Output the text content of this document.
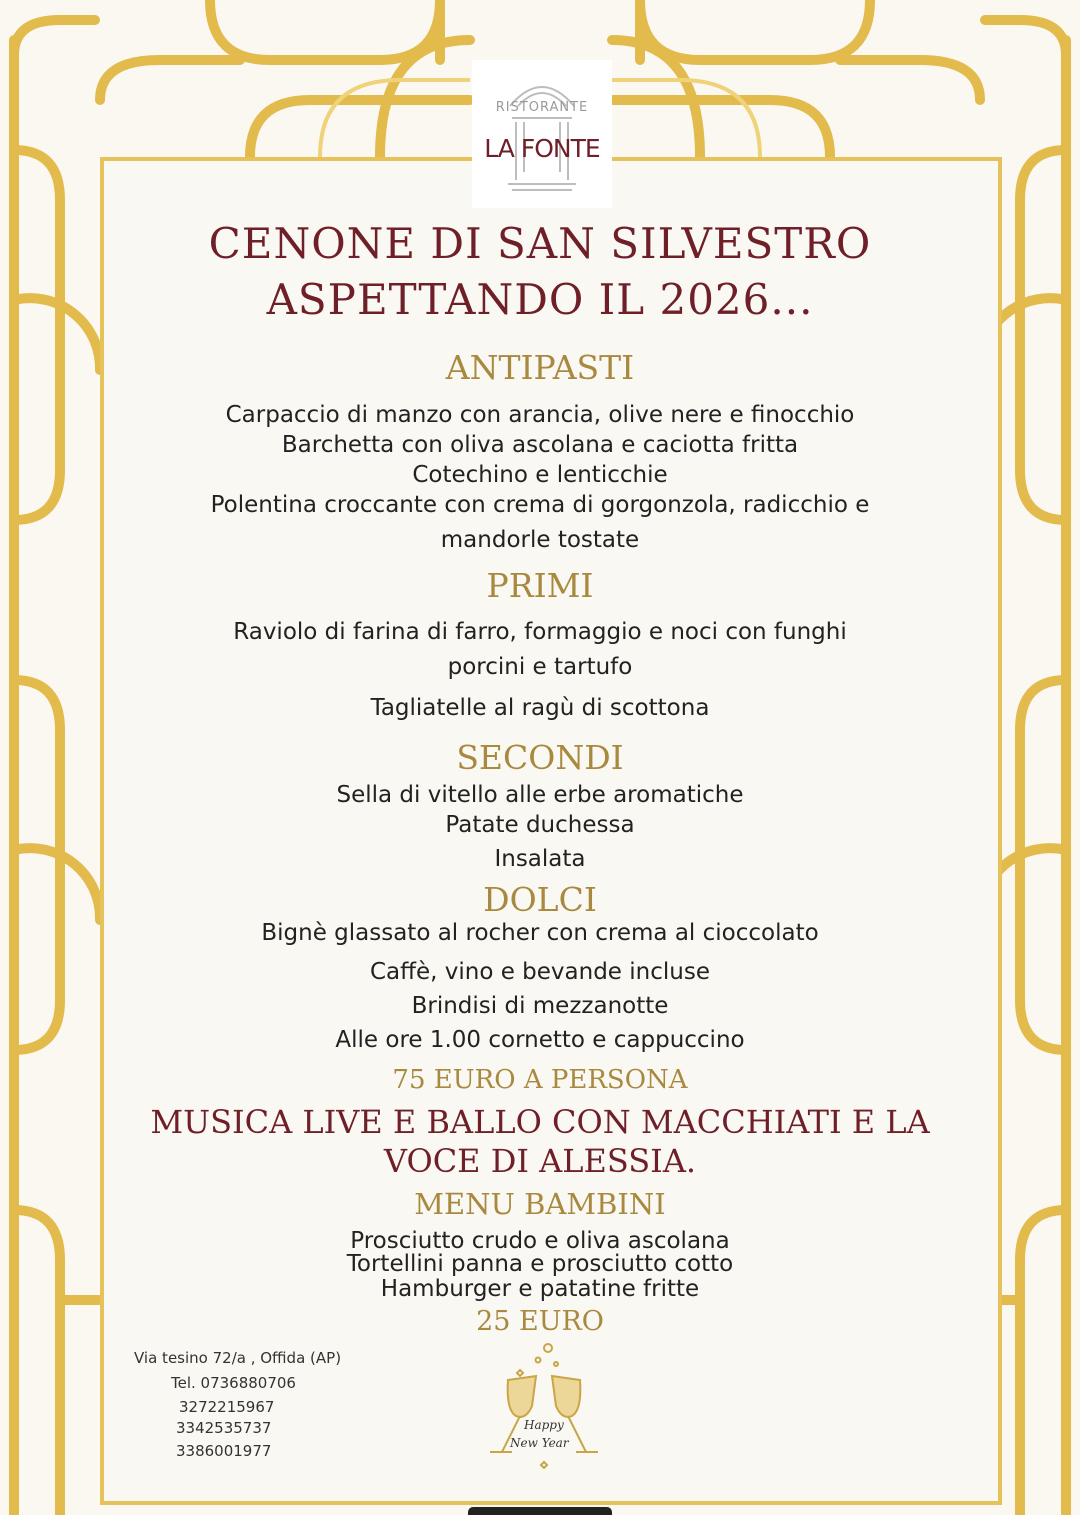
RISTORANTE
LA FONTE

CENONE DI SAN SILVESTRO

ASPETTANDO IL 2026...

ANTIPASTI

Carpaccio di manzo con arancia, olive nere e finocchio

Barchetta con oliva ascolana e caciotta fritta

Cotechino e lenticchie

Polentina croccante con crema di gorgonzola, radicchio e

mandorle tostate

PRIMI

Raviolo di farina di farro, formaggio e noci con funghi

porcini e tartufo

Tagliatelle al ragù di scottona

SECONDI

Sella di vitello alle erbe aromatiche

Patate duchessa

Insalata

DOLCI

Bignè glassato al rocher con crema al cioccolato

Caffè, vino e bevande incluse

Brindisi di mezzanotte

Alle ore 1.00 cornetto e cappuccino

75 EURO A PERSONA

MUSICA LIVE E BALLO CON MACCHIATI E LA

VOCE DI ALESSIA.

MENU BAMBINI

Prosciutto crudo e oliva ascolana

Tortellini panna e prosciutto cotto

Hamburger e patatine fritte

25 EURO

Via tesino 72/a , Offida (AP)

Tel. 0736880706

3272215967

3342535737

3386001977

Happy
New Year
